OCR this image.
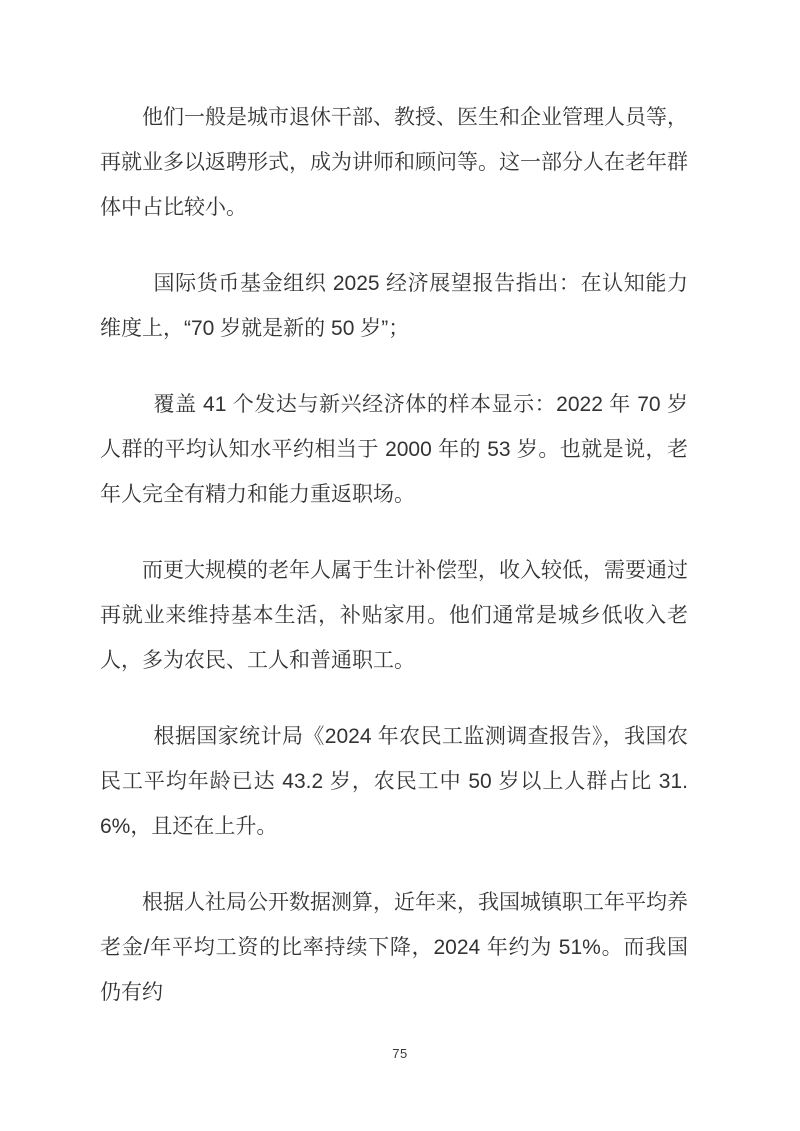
他们一般是城市退休干部、教授、医生和企业管理人员等，再就业多以返聘形式，成为讲师和顾问等。这一部分人在老年群体中占比较小。

国际货币基金组织 2025 经济展望报告指出：在认知能力维度上，“70 岁就是新的 50 岁”；

覆盖 41 个发达与新兴经济体的样本显示：2022 年 70 岁人群的平均认知水平约相当于 2000 年的 53 岁。也就是说，老年人完全有精力和能力重返职场。

而更大规模的老年人属于生计补偿型，收入较低，需要通过再就业来维持基本生活，补贴家用。他们通常是城乡低收入老人，多为农民、工人和普通职工。

根据国家统计局《2024 年农民工监测调查报告》，我国农民工平均年龄已达 43.2 岁，农民工中 50 岁以上人群占比 31.6%，且还在上升。

根据人社局公开数据测算，近年来，我国城镇职工年平均养老金/年平均工资的比率持续下降，2024 年约为 51%。而我国仍有约

75
